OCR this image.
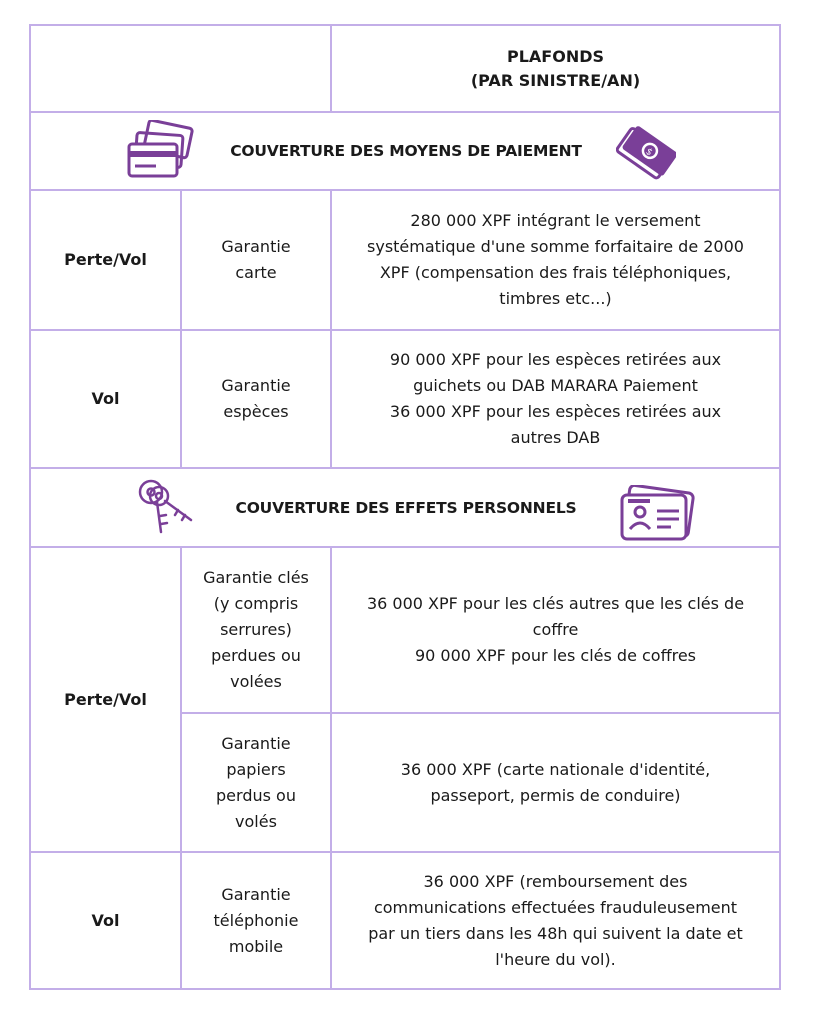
PLAFONDS
(PAR SINISTRE/AN)
COUVERTURE DES MOYENS DE PAIEMENT	$
Perte/Vol
Garantie
carte
280 000 XPF intégrant le versement
systématique d'une somme forfaitaire de 2000
XPF (compensation des frais téléphoniques,
timbres etc...)
Vol
Garantie
espèces
90 000 XPF pour les espèces retirées aux
guichets ou DAB MARARA Paiement
36 000 XPF pour les espèces retirées aux
autres DAB
COUVERTURE DES EFFETS PERSONNELS
Perte/Vol
Garantie clés
(y compris
serrures)
perdues ou
volées
36 000 XPF pour les clés autres que les clés de
coffre
90 000 XPF pour les clés de coffres
Garantie
papiers
perdus ou
volés
36 000 XPF (carte nationale d'identité,
passeport, permis de conduire)
Vol
Garantie
téléphonie
mobile
36 000 XPF (remboursement des
communications effectuées frauduleusement
par un tiers dans les 48h qui suivent la date et
l'heure du vol).
